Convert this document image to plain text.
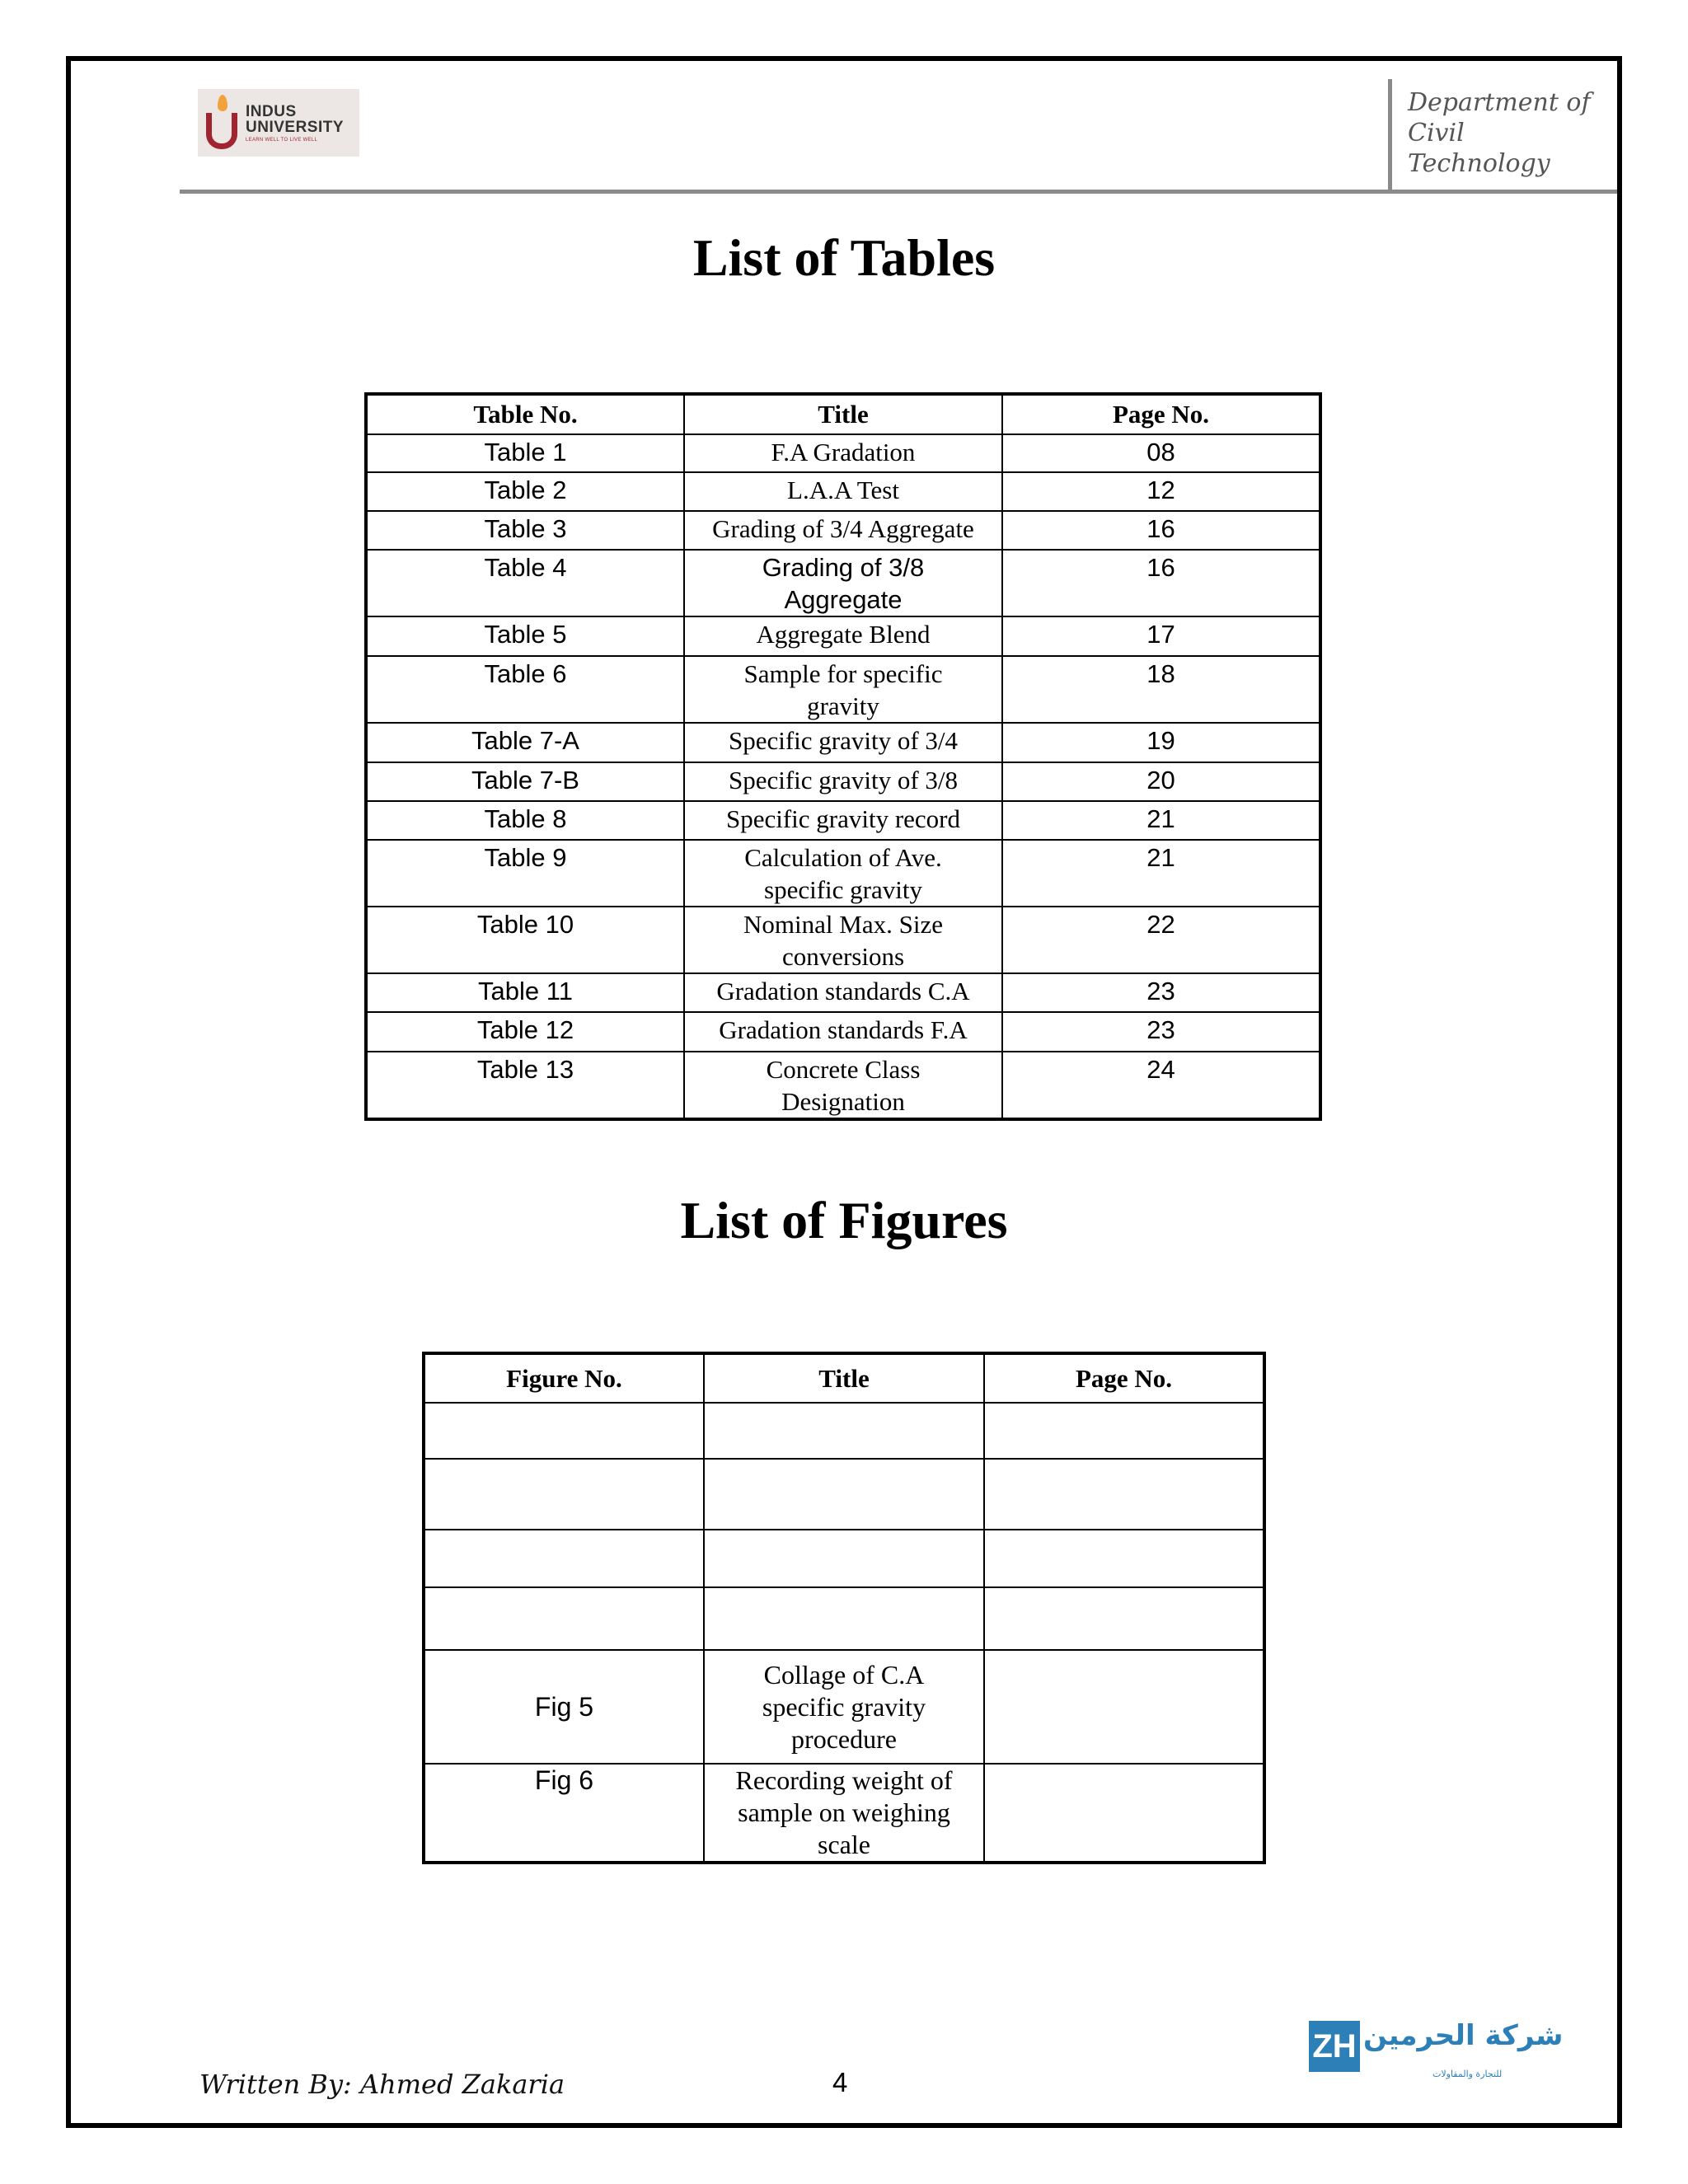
INDUS
UNIVERSITY
LEARN WELL TO LIVE WELL
Department of Civil Technology
List of Tables
Table No.	Title	Page No.
Table 1	F.A Gradation	08
Table 2	L.A.A Test	12
Table 3	Grading of 3/4 Aggregate	16
Table 4	Grading of 3/8 Aggregate	16
Table 5	Aggregate Blend	17
Table 6	Sample for specific gravity	18
Table 7-A	Specific gravity of 3/4	19
Table 7-B	Specific gravity of 3/8	20
Table 8	Specific gravity record	21
Table 9	Calculation of Ave. specific gravity	21
Table 10	Nominal Max. Size conversions	22
Table 11	Gradation standards C.A	23
Table 12	Gradation standards F.A	23
Table 13	Concrete Class Designation	24
List of Figures
Figure No.	Title	Page No.

Fig 5	Collage of C.A specific gravity procedure	
Fig 6	Recording weight of sample on weighing scale	
Written By: Ahmed Zakaria	4
ZH شركة الحرمين
للتجارة والمقاولات
